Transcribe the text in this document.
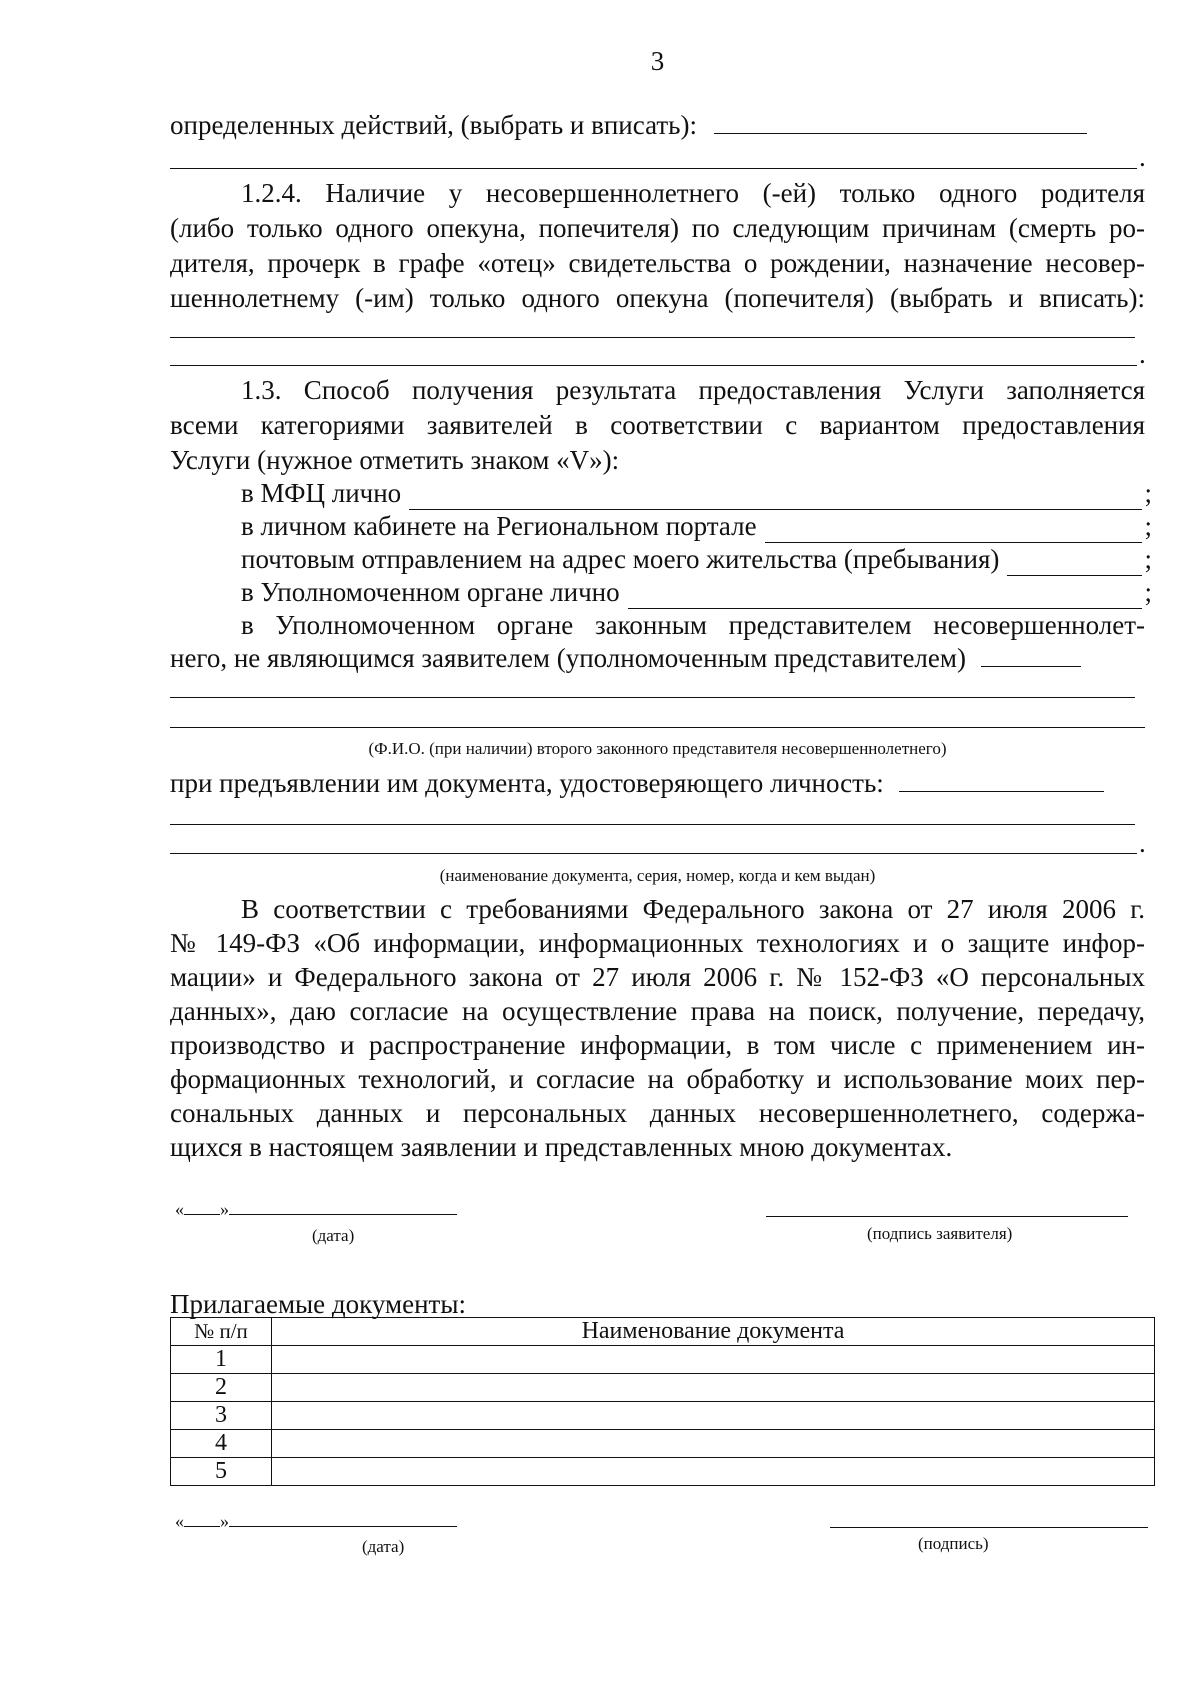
3
определенных действий, (выбрать и вписать):
.
1.2.4. Наличие у несовершеннолетнего (-ей) только одного родителя
(либо только одного опекуна, попечителя) по следующим причинам (смерть ро-
дителя, прочерк в графе «отец» свидетельства о рождении, назначение несовер-
шеннолетнему (-им) только одного опекуна (попечителя) (выбрать и вписать):
.
1.3. Способ получения результата предоставления Услуги заполняется
всеми категориями заявителей в соответствии с вариантом предоставления
Услуги (нужное отметить знаком «V»):
в МФЦ лично	;
в личном кабинете на Региональном портале	;
почтовым отправлением на адрес моего жительства (пребывания)	;
в Уполномоченном органе лично	;
в Уполномоченном органе законным представителем несовершеннолет-
него, не являющимся заявителем (уполномоченным представителем)
(Ф.И.О. (при наличии) второго законного представителя несовершеннолетнего)
при предъявлении им документа, удостоверяющего личность:
.
(наименование документа, серия, номер, когда и кем выдан)
В соответствии с требованиями Федерального закона от 27 июля 2006 г.
№ 149-ФЗ «Об информации, информационных технологиях и о защите инфор-
мации» и Федерального закона от 27 июля 2006 г. № 152-ФЗ «О персональных
данных», даю согласие на осуществление права на поиск, получение, передачу,
производство и распространение информации, в том числе с применением ин-
формационных технологий, и согласие на обработку и использование моих пер-
сональных данных и персональных данных несовершеннолетнего, содержа-
щихся в настоящем заявлении и представленных мною документах.
« »
(дата)	(подпись заявителя)
Прилагаемые документы:
№ п/п	Наименование документа
1	
2	
3	
4	
5	
« »
(дата)	(подпись)
